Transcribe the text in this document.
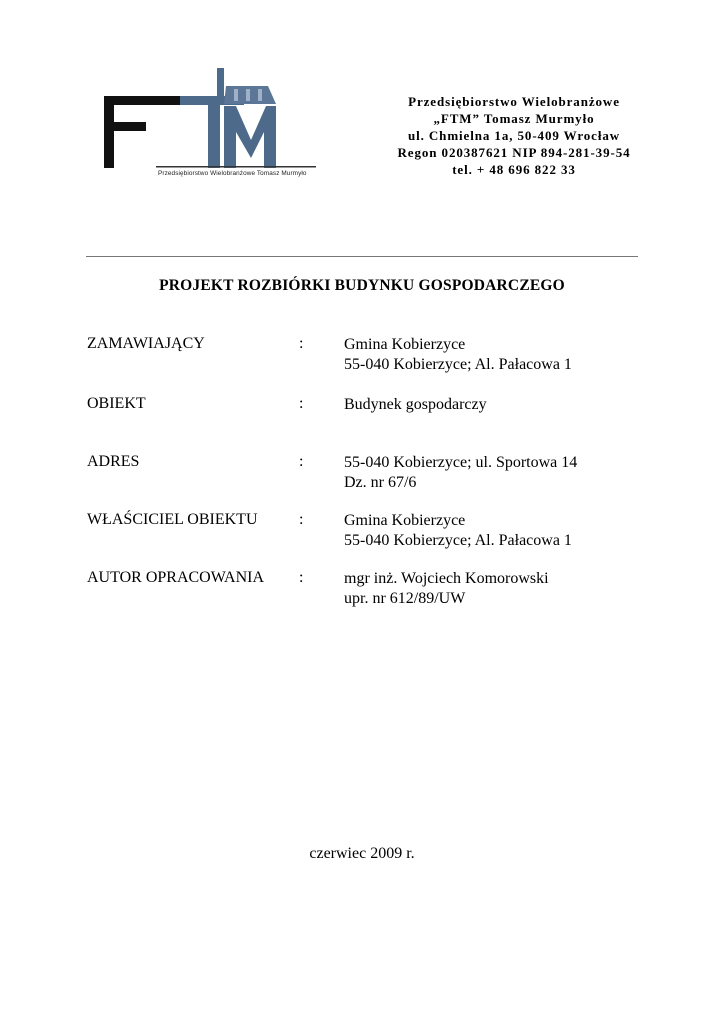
Przedsiębiorstwo Wielobranżowe Tomasz Murmyło
Przedsiębiorstwo Wielobranżowe
„FTM” Tomasz Murmyło
ul. Chmielna 1a, 50-409 Wrocław
Regon 020387621 NIP 894-281-39-54
tel. + 48 696 822 33
PROJEKT ROZBIÓRKI BUDYNKU GOSPODARCZEGO
ZAMAWIAJĄCY	:	Gmina Kobierzyce
55-040 Kobierzyce; Al. Pałacowa 1
OBIEKT	:	Budynek gospodarczy
ADRES	:	55-040 Kobierzyce; ul. Sportowa 14
Dz. nr 67/6
WŁAŚCICIEL OBIEKTU	:	Gmina Kobierzyce
55-040 Kobierzyce; Al. Pałacowa 1
AUTOR OPRACOWANIA :	mgr inż. Wojciech Komorowski
upr. nr 612/89/UW
czerwiec 2009 r.
